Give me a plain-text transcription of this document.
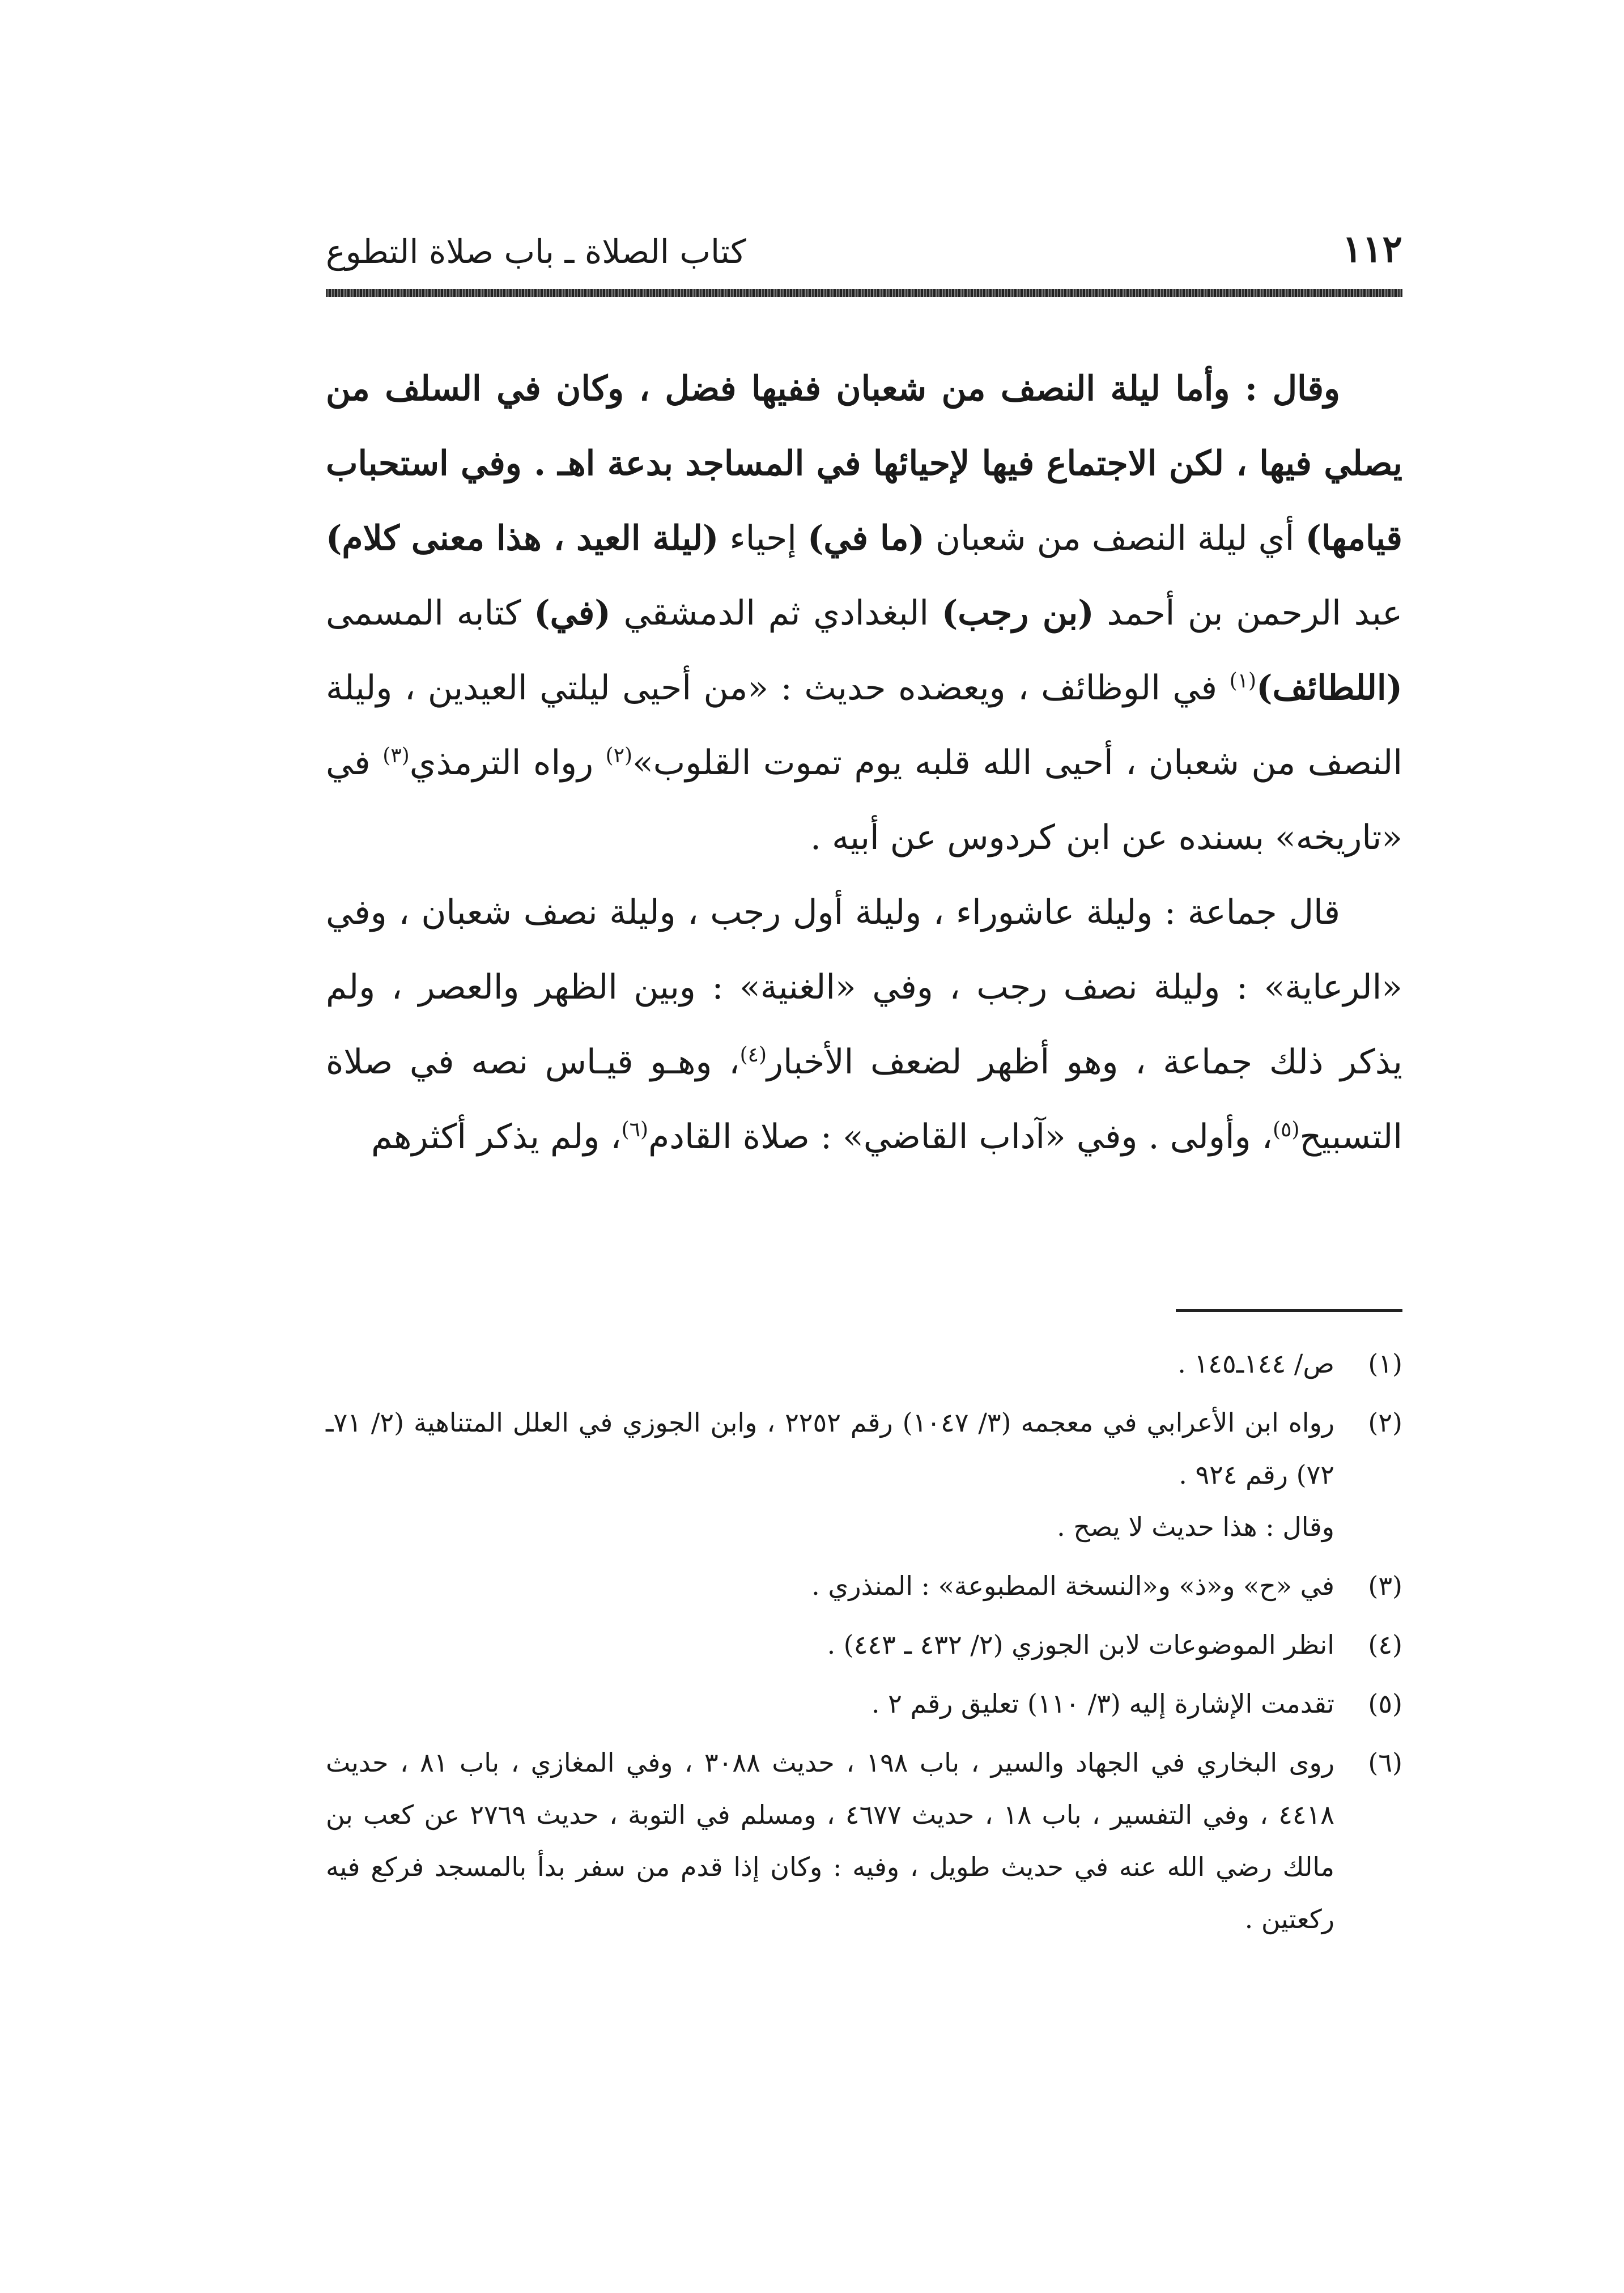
كتاب الصلاة ـ باب صلاة التطوع	١١٢

وقال : وأما ليلة النصف من شعبان ففيها فضل ، وكان في السلف من يصلي فيها ، لكن الاجتماع فيها لإحيائها في المساجد بدعة اهـ . وفي استحباب قيامها) أي ليلة النصف من شعبان (ما في) إحياء (ليلة العيد ، هذا معنى كلام) عبد الرحمن بن أحمد (بن رجب) البغدادي ثم الدمشقي (في) كتابه المسمى (اللطائف)$^{(١)}$ في الوظائف ، ويعضده حديث : «من أحيى ليلتي العيدين ، وليلة النصف من شعبان ، أحيى الله قلبه يوم تموت القلوب»$^{(٢)}$ رواه الترمذي$^{(٣)}$ في «تاريخه» بسنده عن ابن كردوس عن أبيه .

قال جماعة : وليلة عاشوراء ، وليلة أول رجب ، وليلة نصف شعبان ، وفي «الرعاية» : وليلة نصف رجب ، وفي «الغنية» : وبين الظهر والعصر ، ولم يذكر ذلك جماعة ، وهو أظهر لضعف الأخبار$^{(٤)}$، وهـو قيـاس نصه في صلاة التسبيح$^{(٥)}$، وأولى . وفي «آداب القاضي» : صلاة القادم$^{(٦)}$، ولم يذكر أكثرهم

(١)
ص/ ١٤٤ـ١٤٥ .
(٢)
رواه ابن الأعرابي في معجمه (٣/ ١٠٤٧) رقم ٢٢٥٢ ، وابن الجوزي في العلل المتناهية (٢/ ٧١ـ ٧٢) رقم ٩٢٤ .
وقال : هذا حديث لا يصح .
(٣)
في «ح» و«ذ» و«النسخة المطبوعة» : المنذري .
(٤)
انظر الموضوعات لابن الجوزي (٢/ ٤٣٢ ـ ٤٤٣) .
(٥)
تقدمت الإشارة إليه (٣/ ١١٠) تعليق رقم ٢ .
(٦)
روى البخاري في الجهاد والسير ، باب ١٩٨ ، حديث ٣٠٨٨ ، وفي المغازي ، باب ٨١ ، حديث ٤٤١٨ ، وفي التفسير ، باب ١٨ ، حديث ٤٦٧٧ ، ومسلم في التوبة ، حديث ٢٧٦٩ عن كعب بن مالك رضي الله عنه في حديث طويل ، وفيه : وكان إذا قدم من سفر بدأ بالمسجد فركع فيه ركعتين .
